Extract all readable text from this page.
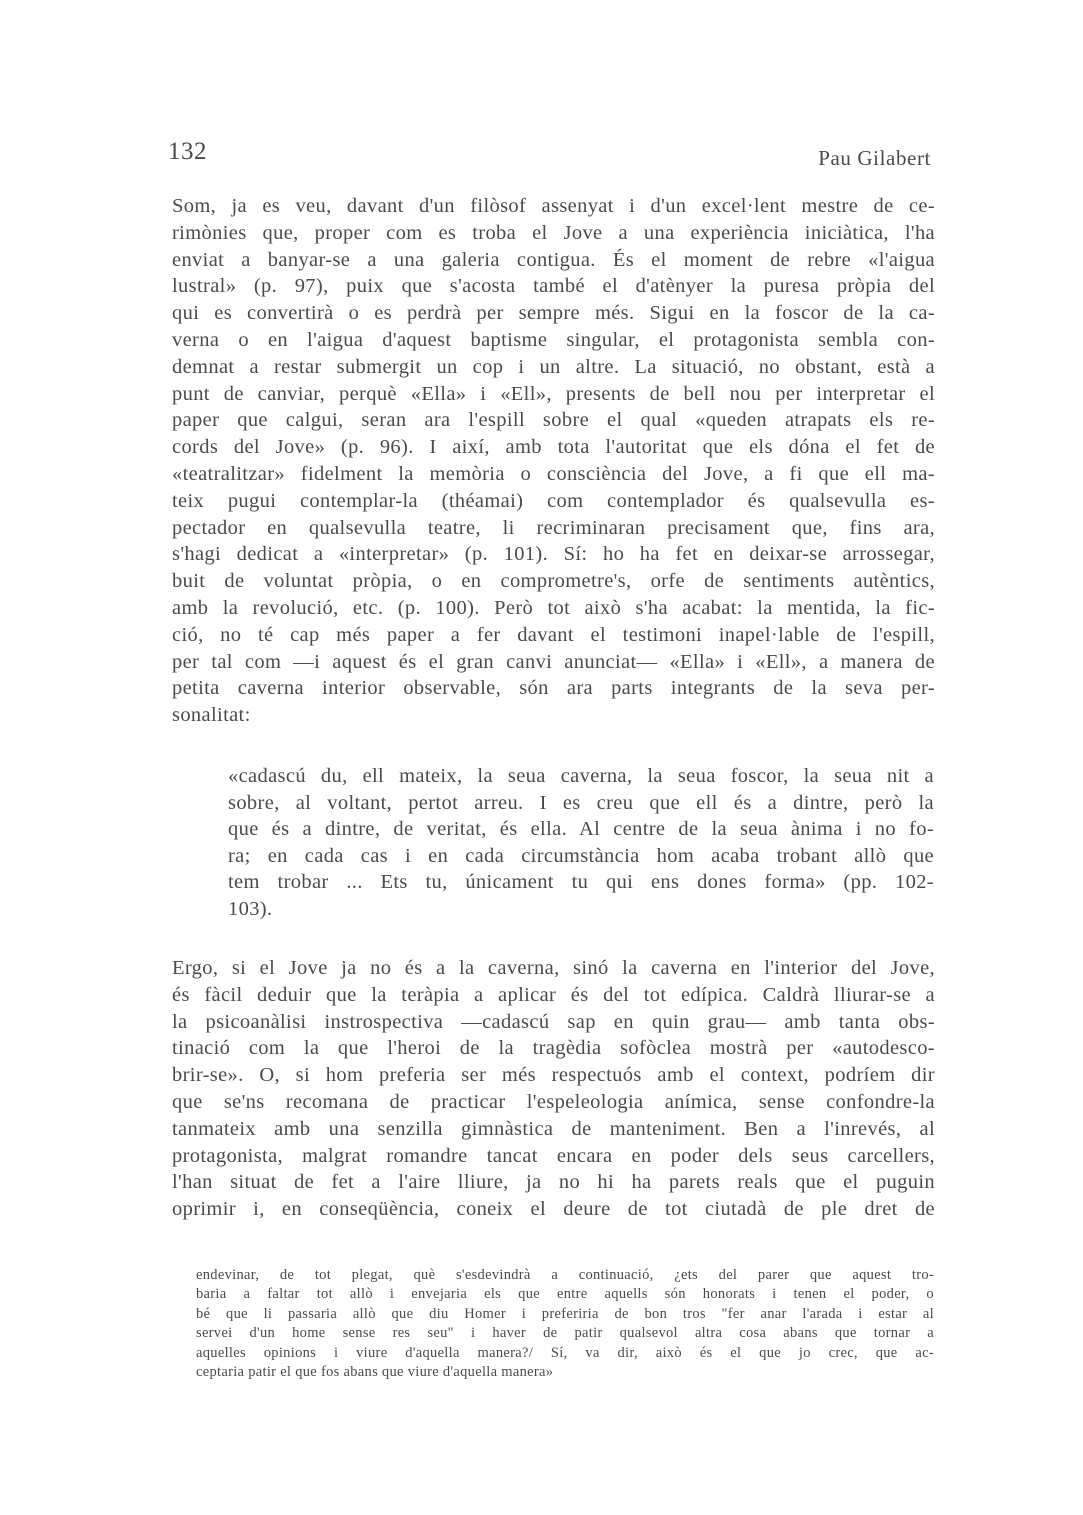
132	Pau Gilabert
Som, ja es veu, davant d'un filòsof assenyat i d'un excel·lent mestre de ce-
rimònies que, proper com es troba el Jove a una experiència iniciàtica, l'ha
enviat a banyar-se a una galeria contigua. És el moment de rebre «l'aigua
lustral» (p. 97), puix que s'acosta també el d'atènyer la puresa pròpia del
qui es convertirà o es perdrà per sempre més. Sigui en la foscor de la ca-
verna o en l'aigua d'aquest baptisme singular, el protagonista sembla con-
demnat a restar submergit un cop i un altre. La situació, no obstant, està a
punt de canviar, perquè «Ella» i «Ell», presents de bell nou per interpretar el
paper que calgui, seran ara l'espill sobre el qual «queden atrapats els re-
cords del Jove» (p. 96). I així, amb tota l'autoritat que els dóna el fet de
«teatralitzar» fidelment la memòria o consciència del Jove, a fi que ell ma-
teix pugui contemplar-la (théamai) com contemplador és qualsevulla es-
pectador en qualsevulla teatre, li recriminaran precisament que, fins ara,
s'hagi dedicat a «interpretar» (p. 101). Sí: ho ha fet en deixar-se arrossegar,
buit de voluntat pròpia, o en comprometre's, orfe de sentiments autèntics,
amb la revolució, etc. (p. 100). Però tot això s'ha acabat: la mentida, la fic-
ció, no té cap més paper a fer davant el testimoni inapel·lable de l'espill,
per tal com —i aquest és el gran canvi anunciat— «Ella» i «Ell», a manera de
petita caverna interior observable, són ara parts integrants de la seva per-
sonalitat:
«cadascú du, ell mateix, la seua caverna, la seua foscor, la seua nit a
sobre, al voltant, pertot arreu. I es creu que ell és a dintre, però la
que és a dintre, de veritat, és ella. Al centre de la seua ànima i no fo-
ra; en cada cas i en cada circumstància hom acaba trobant allò que
tem trobar ... Ets tu, únicament tu qui ens dones forma» (pp. 102-
103).
Ergo, si el Jove ja no és a la caverna, sinó la caverna en l'interior del Jove,
és fàcil deduir que la teràpia a aplicar és del tot edípica. Caldrà lliurar-se a
la psicoanàlisi instrospectiva —cadascú sap en quin grau— amb tanta obs-
tinació com la que l'heroi de la tragèdia sofòclea mostrà per «autodesco-
brir-se». O, si hom preferia ser més respectuós amb el context, podríem dir
que se'ns recomana de practicar l'espeleologia anímica, sense confondre-la
tanmateix amb una senzilla gimnàstica de manteniment. Ben a l'inrevés, al
protagonista, malgrat romandre tancat encara en poder dels seus carcellers,
l'han situat de fet a l'aire lliure, ja no hi ha parets reals que el puguin
oprimir i, en conseqüència, coneix el deure de tot ciutadà de ple dret de
endevinar, de tot plegat, què s'esdevindrà a continuació, ¿ets del parer que aquest tro-
baria a faltar tot allò i envejaria els que entre aquells són honorats i tenen el poder, o
bé que li passaria allò que diu Homer i preferiria de bon tros "fer anar l'arada i estar al
servei d'un home sense res seu" i haver de patir qualsevol altra cosa abans que tornar a
aquelles opinions i viure d'aquella manera?/ Sí, va dir, això és el que jo crec, que ac-
ceptaria patir el que fos abans que viure d'aquella manera»
